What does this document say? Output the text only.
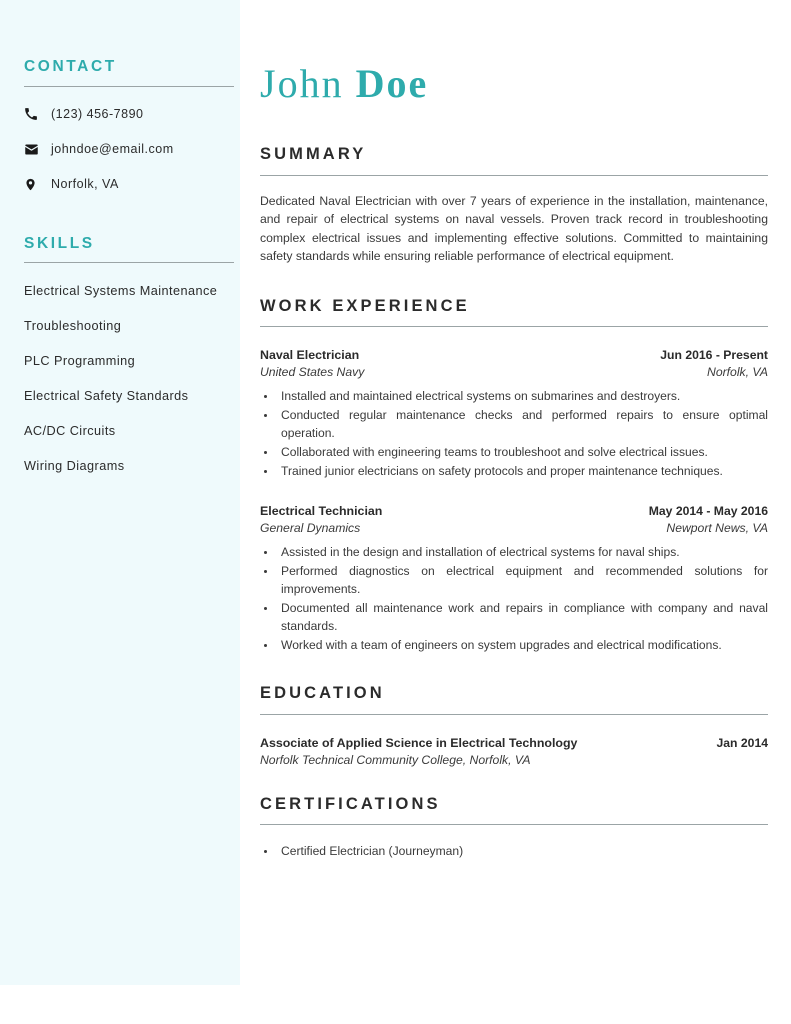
CONTACT
(123) 456-7890
johndoe@email.com
Norfolk, VA
SKILLS
Electrical Systems Maintenance
Troubleshooting
PLC Programming
Electrical Safety Standards
AC/DC Circuits
Wiring Diagrams
John Doe
SUMMARY

Dedicated Naval Electrician with over 7 years of experience in the installation, maintenance, and repair of electrical systems on naval vessels. Proven track record in troubleshooting complex electrical issues and implementing effective solutions. Committed to maintaining safety standards while ensuring reliable performance of electrical equipment.

WORK EXPERIENCE
Naval Electrician	Jun 2016 - Present
United States Navy	Norfolk, VA
• Installed and maintained electrical systems on submarines and destroyers.
• Conducted regular maintenance checks and performed repairs to ensure optimal operation.
• Collaborated with engineering teams to troubleshoot and solve electrical issues.
• Trained junior electricians on safety protocols and proper maintenance techniques.
Electrical Technician	May 2014 - May 2016
General Dynamics	Newport News, VA
• Assisted in the design and installation of electrical systems for naval ships.
• Performed diagnostics on electrical equipment and recommended solutions for improvements.
• Documented all maintenance work and repairs in compliance with company and naval standards.
• Worked with a team of engineers on system upgrades and electrical modifications.
EDUCATION
Associate of Applied Science in Electrical Technology	Jan 2014
Norfolk Technical Community College, Norfolk, VA
CERTIFICATIONS
• Certified Electrician (Journeyman)
